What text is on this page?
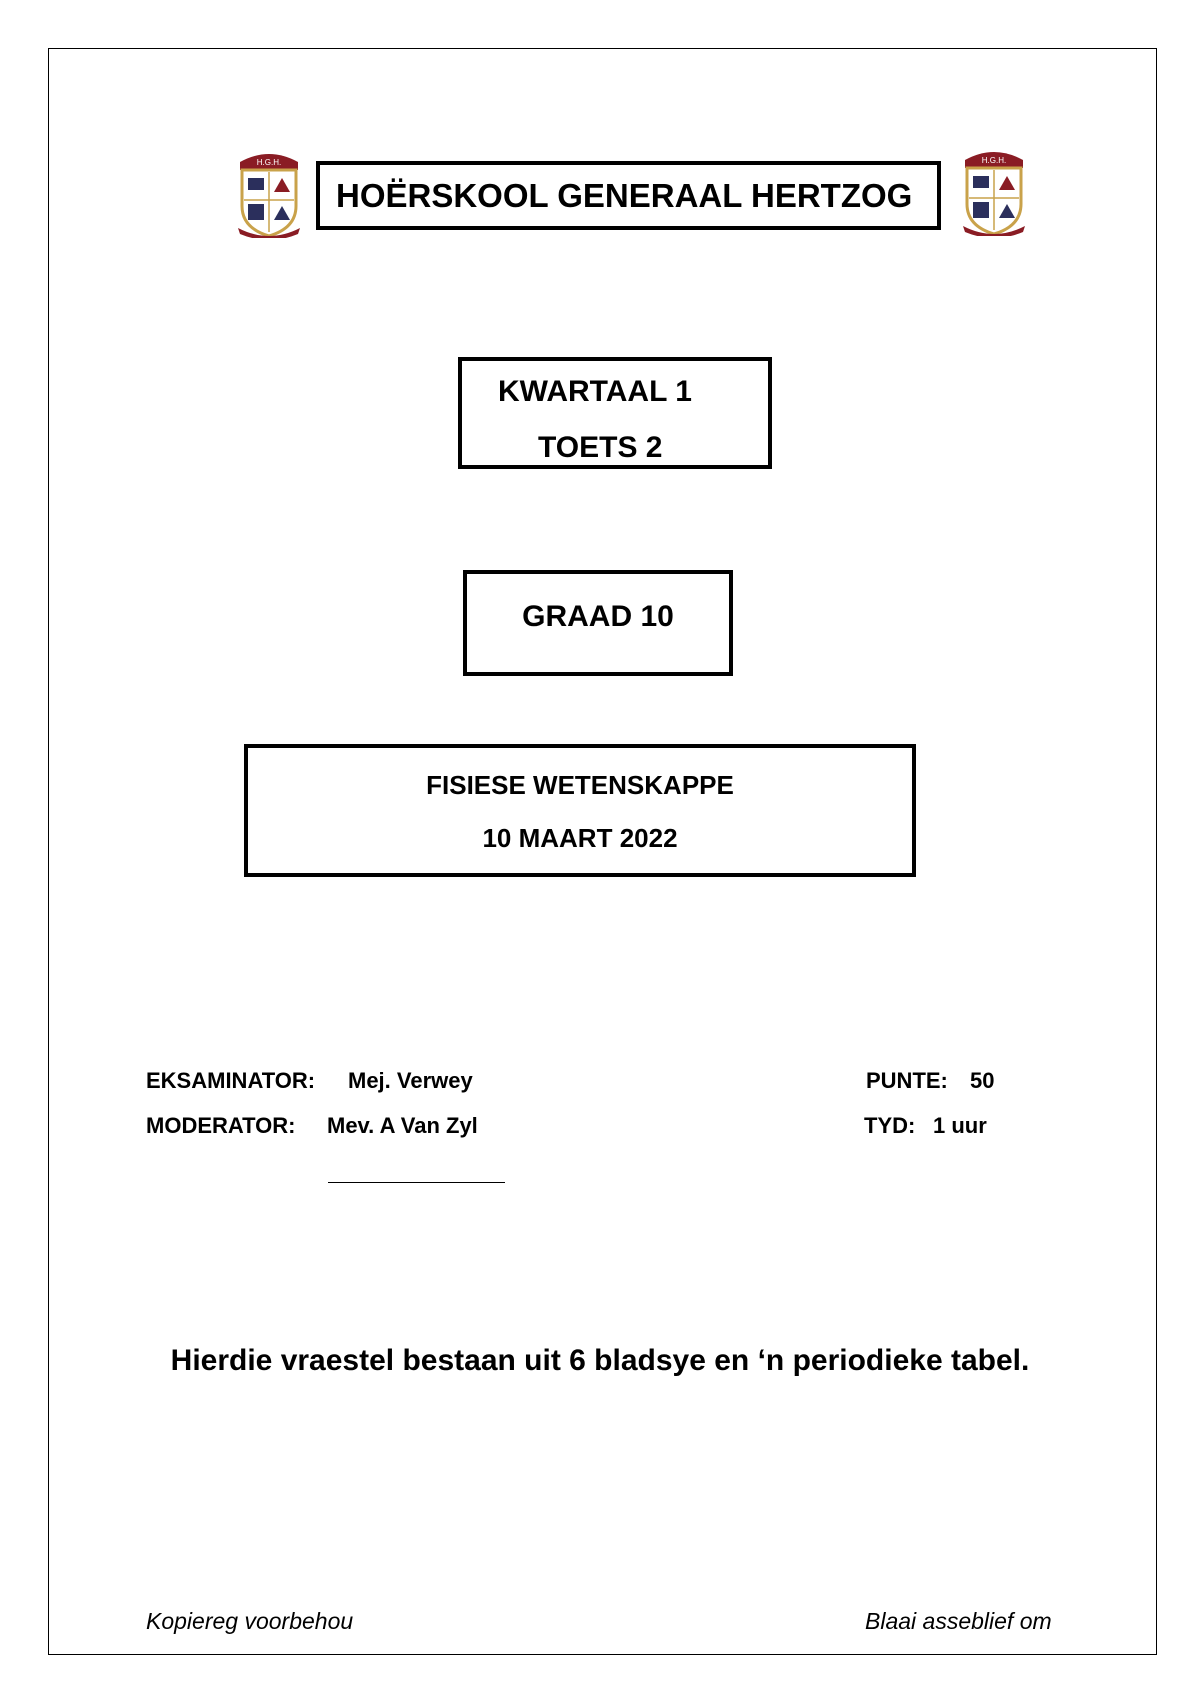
H.G.H.	H.G.H.
HOËRSKOOL GENERAAL HERTZOG
KWARTAAL 1
TOETS 2
GRAAD 10
FISIESE WETENSKAPPE
10 MAART 2022
EKSAMINATOR: Mej. Verwey
MODERATOR: Mev. A Van Zyl
PUNTE: 50
TYD: 1 uur
Hierdie vraestel bestaan uit 6 bladsye en ‘n periodieke tabel.
Kopiereg voorbehou	Blaai asseblief om
